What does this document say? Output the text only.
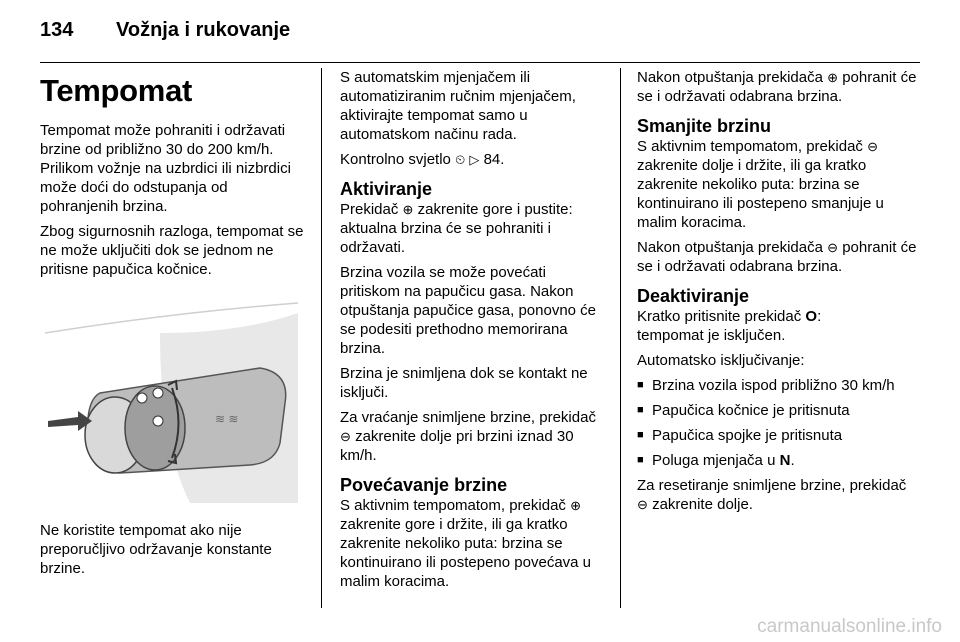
134	Vožnja i rukovanje
Tempomat

Tempomat može pohraniti i održavati brzine od približno 30 do 200 km/h. Prilikom vožnje na uzbrdici ili nizbrdici može doći do odstupanja od pohranjenih brzina.

Zbog sigurnosnih razloga, tempomat se ne može uključiti dok se jednom ne pritisne papučica kočnice.

≋ ≋

Ne koristite tempomat ako nije preporučljivo održavanje konstante brzine.

S automatskim mjenjačem ili automatiziranim ručnim mjenjačem, aktivirajte tempomat samo u automatskom načinu rada.

Kontrolno svjetlo ⏲ ▷ 84.

Aktiviranje

Prekidač ⊕ zakrenite gore i pustite: aktualna brzina će se pohraniti i održavati.

Brzina vozila se može povećati pritiskom na papučicu gasa. Nakon otpuštanja papučice gasa, ponovno će se podesiti prethodno memorirana brzina.

Brzina je snimljena dok se kontakt ne isključi.

Za vraćanje snimljene brzine, prekidač ⊖ zakrenite dolje pri brzini iznad 30 km/h.

Povećavanje brzine

S aktivnim tempomatom, prekidač ⊕ zakrenite gore i držite, ili ga kratko zakrenite nekoliko puta: brzina se kontinuirano ili postepeno povećava u malim koracima.

Nakon otpuštanja prekidača ⊕ pohranit će se i održavati odabrana brzina.

Smanjite brzinu

S aktivnim tempomatom, prekidač ⊖ zakrenite dolje i držite, ili ga kratko zakrenite nekoliko puta: brzina se kontinuirano ili postepeno smanjuje u malim koracima.

Nakon otpuštanja prekidača ⊖ pohranit će se i održavati odabrana brzina.

Deaktiviranje

Kratko pritisnite prekidač O:
tempomat je isključen.

Automatsko isključivanje:

■ Brzina vozila ispod približno 30 km/h
■ Papučica kočnice je pritisnuta
■ Papučica spojke je pritisnuta
■ Poluga mjenjača u N.

Za resetiranje snimljene brzine, prekidač ⊖ zakrenite dolje.

carmanualsonline.info
